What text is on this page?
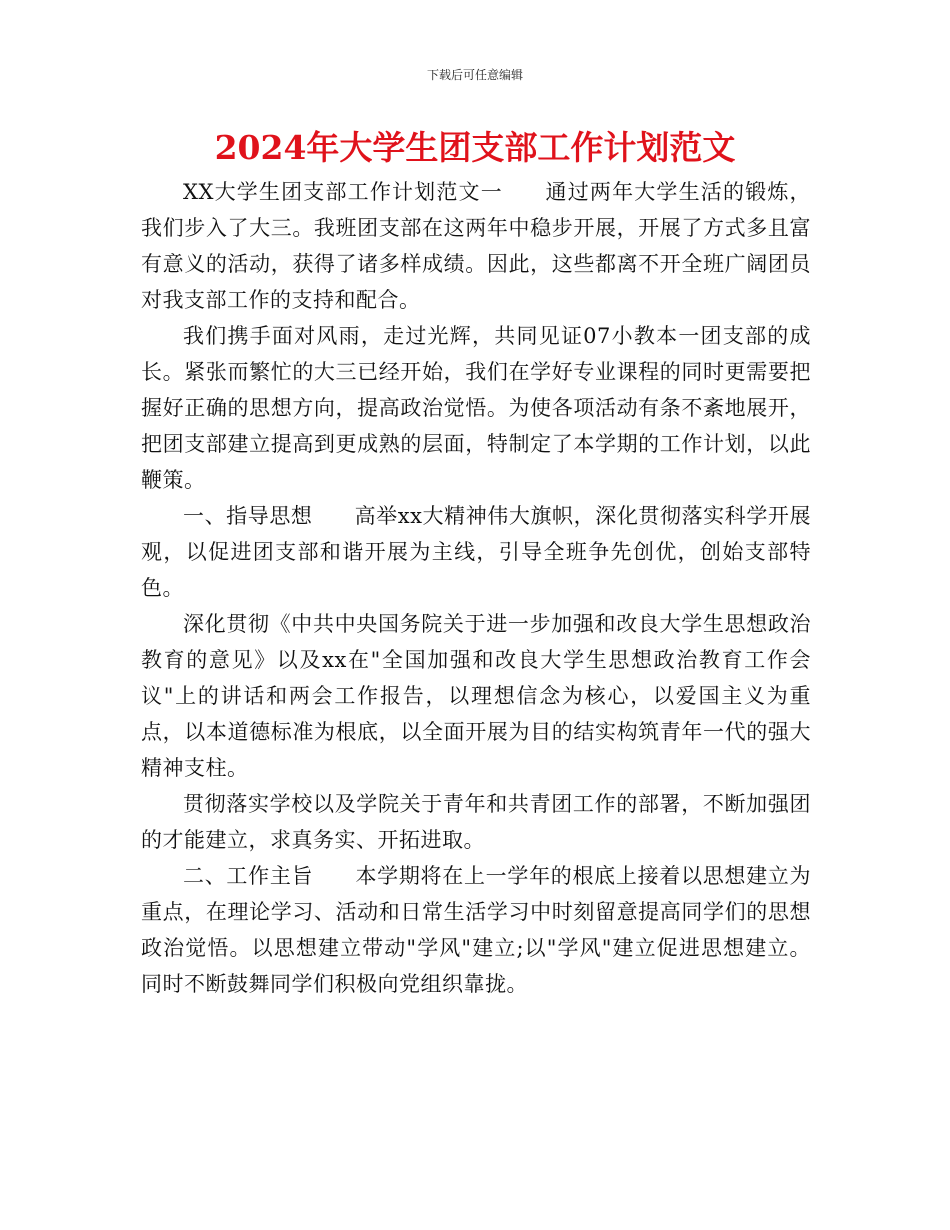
下载后可任意编辑
2024年大学生团支部工作计划范文

XX大学生团支部工作计划范文一 通过两年大学生活的锻炼，我们步入了大三。我班团支部在这两年中稳步开展，开展了方式多且富有意义的活动，获得了诸多样成绩。因此，这些都离不开全班广阔团员对我支部工作的支持和配合。

我们携手面对风雨，走过光辉，共同见证07小教本一团支部的成长。紧张而繁忙的大三已经开始，我们在学好专业课程的同时更需要把握好正确的思想方向，提高政治觉悟。为使各项活动有条不紊地展开，把团支部建立提高到更成熟的层面，特制定了本学期的工作计划，以此鞭策。

一、指导思想 高举xx大精神伟大旗帜，深化贯彻落实科学开展观，以促进团支部和谐开展为主线，引导全班争先创优，创始支部特色。

深化贯彻《中共中央国务院关于进一步加强和改良大学生思想政治教育的意见》以及xx在"全国加强和改良大学生思想政治教育工作会议"上的讲话和两会工作报告，以理想信念为核心，以爱国主义为重点，以本道德标准为根底，以全面开展为目的结实构筑青年一代的强大精神支柱。

贯彻落实学校以及学院关于青年和共青团工作的部署，不断加强团的才能建立，求真务实、开拓进取。

二、工作主旨 本学期将在上一学年的根底上接着以思想建立为重点，在理论学习、活动和日常生活学习中时刻留意提高同学们的思想政治觉悟。以思想建立带动"学风"建立;以"学风"建立促进思想建立。同时不断鼓舞同学们积极向党组织靠拢。
